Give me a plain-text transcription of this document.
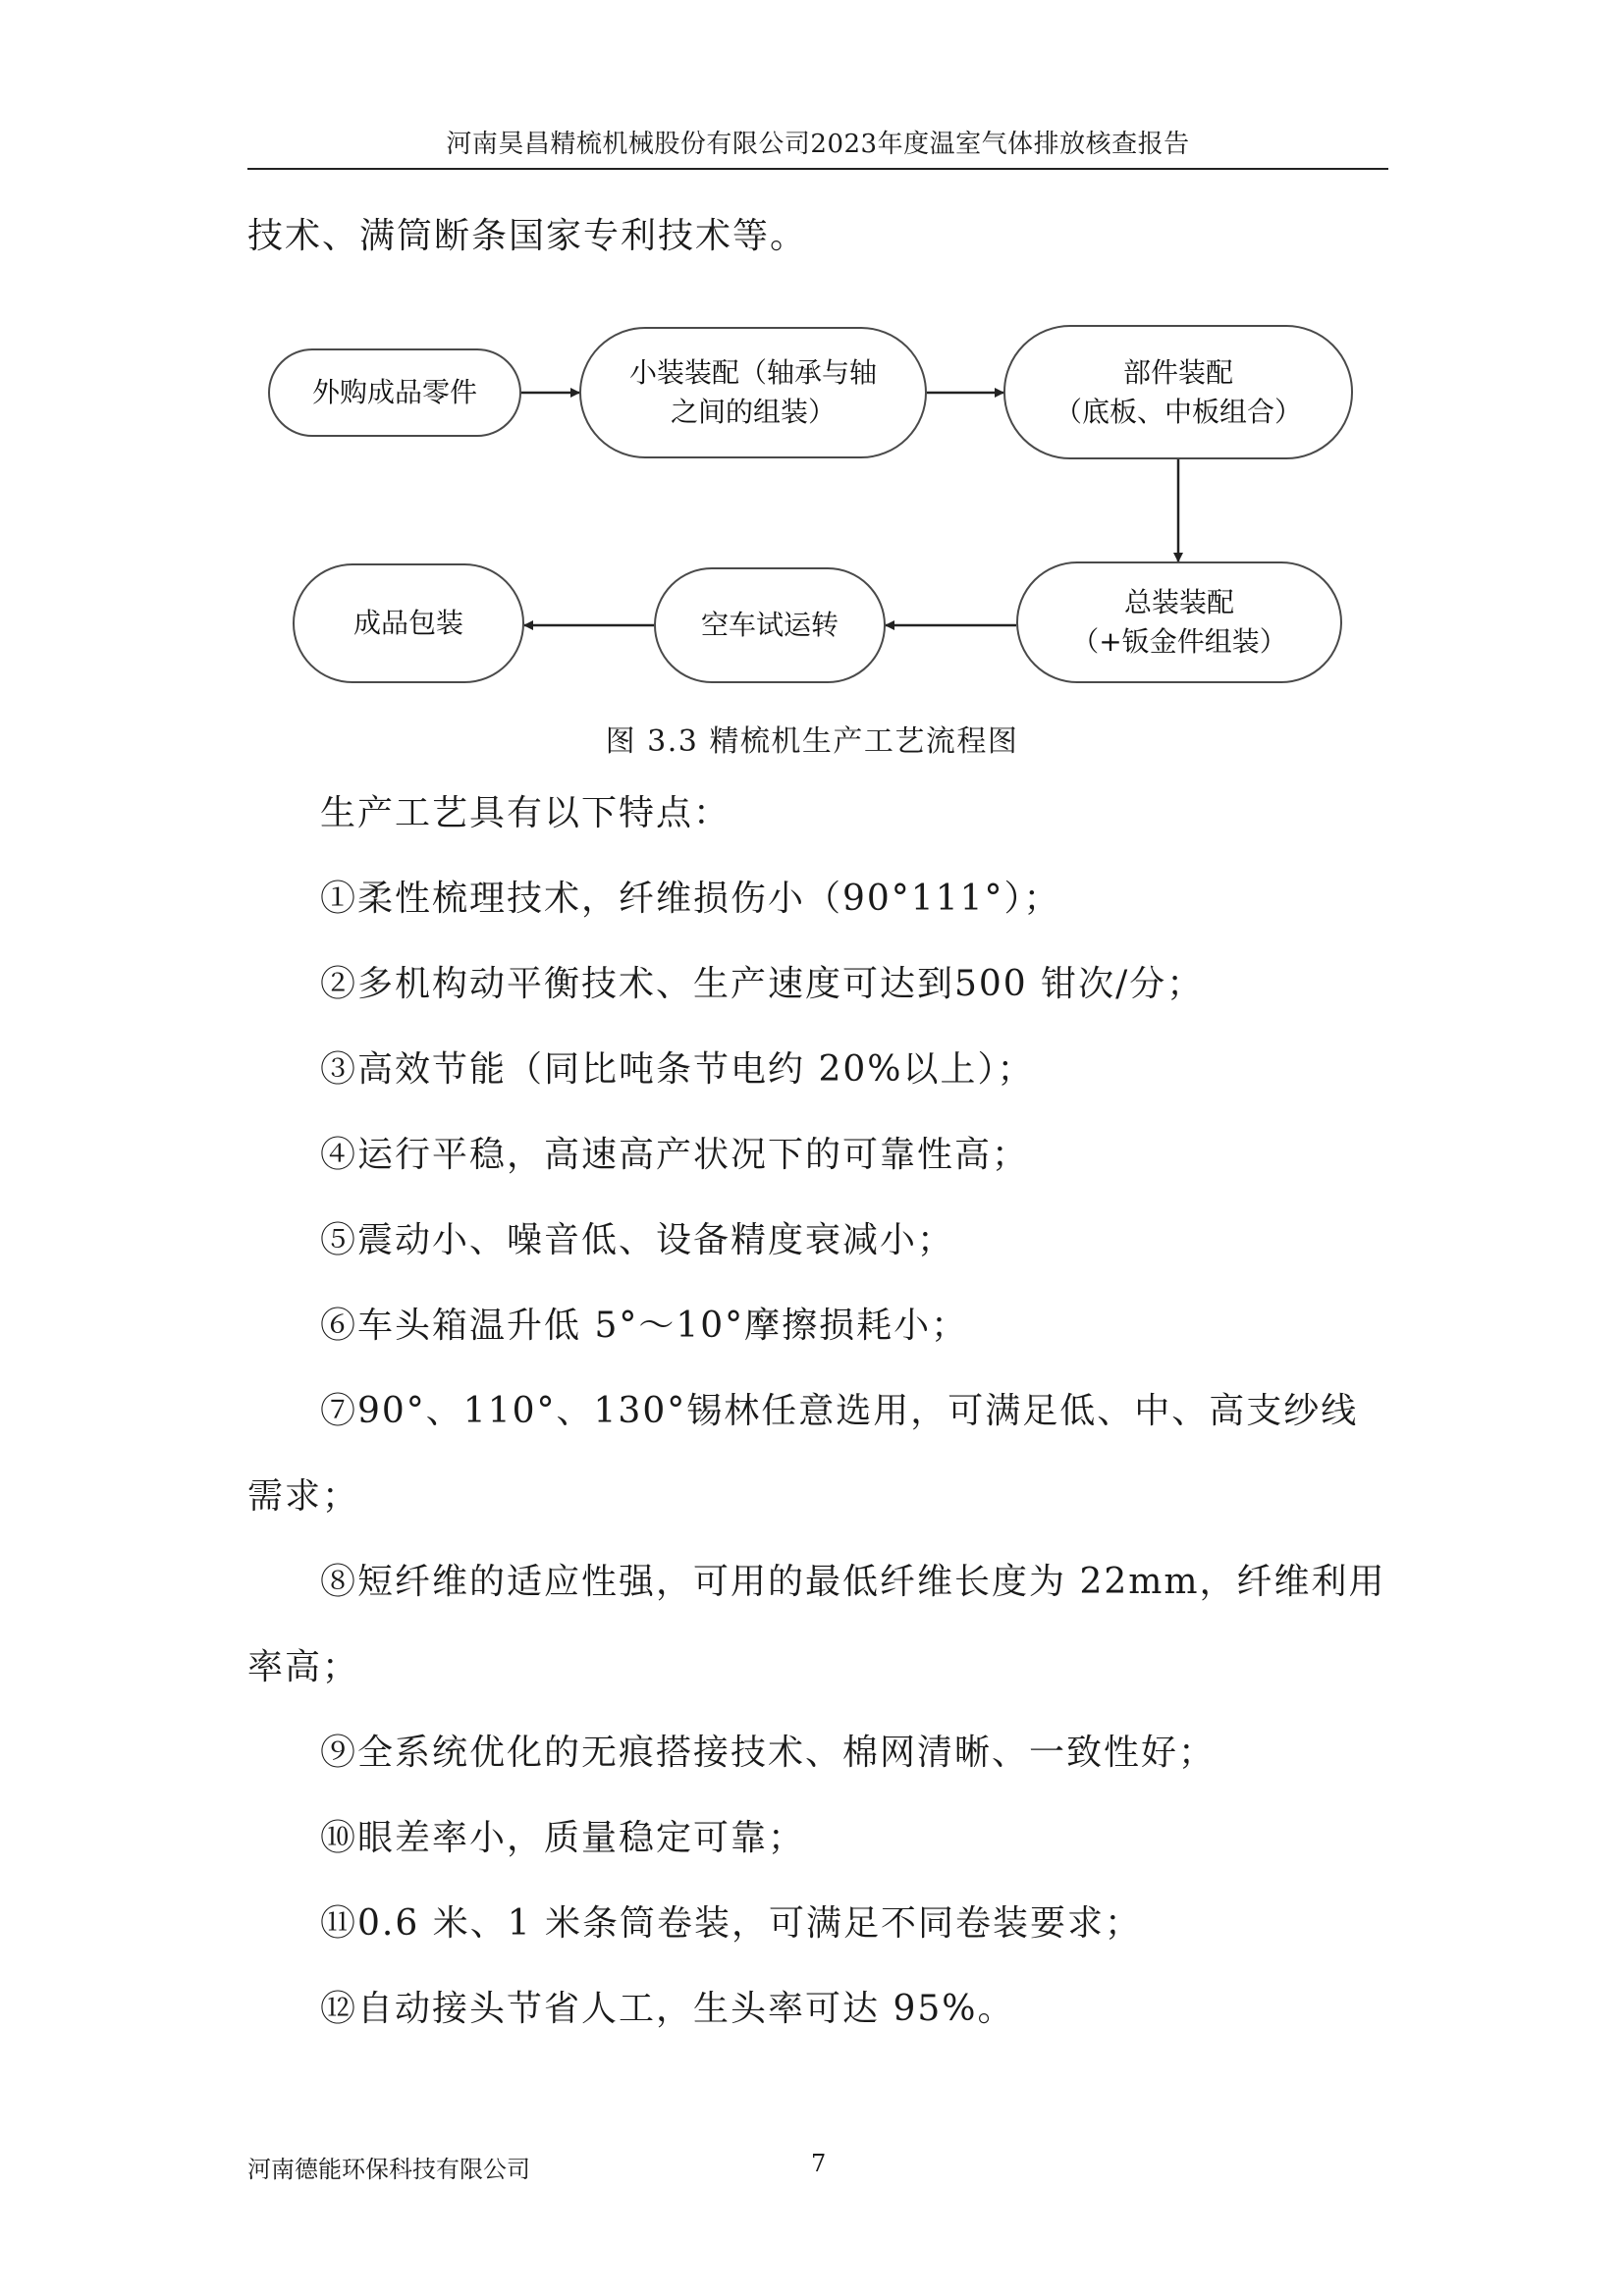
河南昊昌精梳机械股份有限公司2023年度温室气体排放核查报告
技术、满筒断条国家专利技术等。
外购成品零件
小装装配（轴承与轴
之间的组装）
部件装配
（底板、中板组合）
总装装配
（+钣金件组装）
空车试运转
成品包装
图 3.3 精梳机生产工艺流程图
生产工艺具有以下特点：
①柔性梳理技术，纤维损伤小（90°111°）；
②多机构动平衡技术、生产速度可达到500 钳次/分；
③高效节能（同比吨条节电约 20%以上）；
④运行平稳，高速高产状况下的可靠性高；
⑤震动小、噪音低、设备精度衰减小；
⑥车头箱温升低 5°～10°摩擦损耗小；
⑦90°、110°、130°锡林任意选用，可满足低、中、高支纱线
需求；
⑧短纤维的适应性强，可用的最低纤维长度为 22mm，纤维利用
率高；
⑨全系统优化的无痕搭接技术、棉网清晰、一致性好；
⑩眼差率小，质量稳定可靠；
⑪0.6 米、1 米条筒卷装，可满足不同卷装要求；
⑫自动接头节省人工，生头率可达 95%。
河南德能环保科技有限公司	7
